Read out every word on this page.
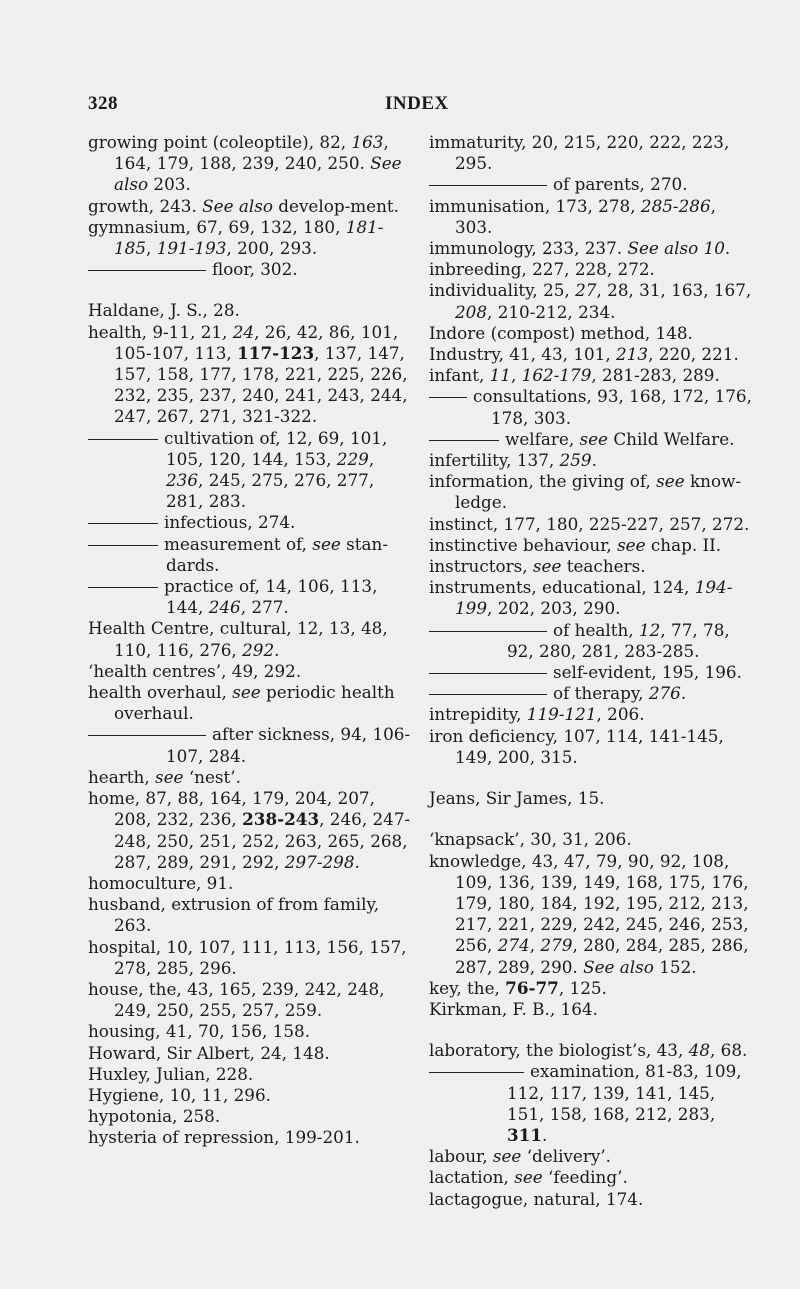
328	INDEX
growing point (coleoptile), 82, 163, 164, 179, 188, 239, 240, 250. See also 203.
growth, 243. See also develop-ment.
gymnasium, 67, 69, 132, 180, 181-185, 191-193, 200, 293.
floor, 302.
Haldane, J. S., 28.
health, 9-11, 21, 24, 26, 42, 86, 101, 105-107, 113, 117-123, 137, 147, 157, 158, 177, 178, 221, 225, 226, 232, 235, 237, 240, 241, 243, 244, 247, 267, 271, 321-322.
cultivation of, 12, 69, 101, 105, 120, 144, 153, 229, 236, 245, 275, 276, 277, 281, 283.
infectious, 274.
measurement of, see stan-dards.
practice of, 14, 106, 113, 144, 246, 277.
Health Centre, cultural, 12, 13, 48, 110, 116, 276, 292.
‘health centres’, 49, 292.
health overhaul, see periodic health overhaul.
after sickness, 94, 106-107, 284.
hearth, see ‘nest’.
home, 87, 88, 164, 179, 204, 207, 208, 232, 236, 238-243, 246, 247-248, 250, 251, 252, 263, 265, 268, 287, 289, 291, 292, 297-298.
homoculture, 91.
husband, extrusion of from family, 263.
hospital, 10, 107, 111, 113, 156, 157, 278, 285, 296.
house, the, 43, 165, 239, 242, 248, 249, 250, 255, 257, 259.
housing, 41, 70, 156, 158.
Howard, Sir Albert, 24, 148.
Huxley, Julian, 228.
Hygiene, 10, 11, 296.
hypotonia, 258.
hysteria of repression, 199-201.
immaturity, 20, 215, 220, 222, 223, 295.
of parents, 270.
immunisation, 173, 278, 285-286, 303.
immunology, 233, 237. See also 10.
inbreeding, 227, 228, 272.
individuality, 25, 27, 28, 31, 163, 167, 208, 210-212, 234.
Indore (compost) method, 148.
Industry, 41, 43, 101, 213, 220, 221.
infant, 11, 162-179, 281-283, 289.
consultations, 93, 168, 172, 176, 178, 303.
welfare, see Child Welfare.
infertility, 137, 259.
information, the giving of, see know-ledge.
instinct, 177, 180, 225-227, 257, 272.
instinctive behaviour, see chap. II.
instructors, see teachers.
instruments, educational, 124, 194-199, 202, 203, 290.
of health, 12, 77, 78, 92, 280, 281, 283-285.
self-evident, 195, 196.
of therapy, 276.
intrepidity, 119-121, 206.
iron deficiency, 107, 114, 141-145, 149, 200, 315.
Jeans, Sir James, 15.
‘knapsack’, 30, 31, 206.
knowledge, 43, 47, 79, 90, 92, 108, 109, 136, 139, 149, 168, 175, 176, 179, 180, 184, 192, 195, 212, 213, 217, 221, 229, 242, 245, 246, 253, 256, 274, 279, 280, 284, 285, 286, 287, 289, 290. See also 152.
key, the, 76-77, 125.
Kirkman, F. B., 164.
laboratory, the biologist’s, 43, 48, 68.
examination, 81-83, 109, 112, 117, 139, 141, 145, 151, 158, 168, 212, 283, 311.
labour, see ‘delivery’.
lactation, see ‘feeding’.
lactagogue, natural, 174.
